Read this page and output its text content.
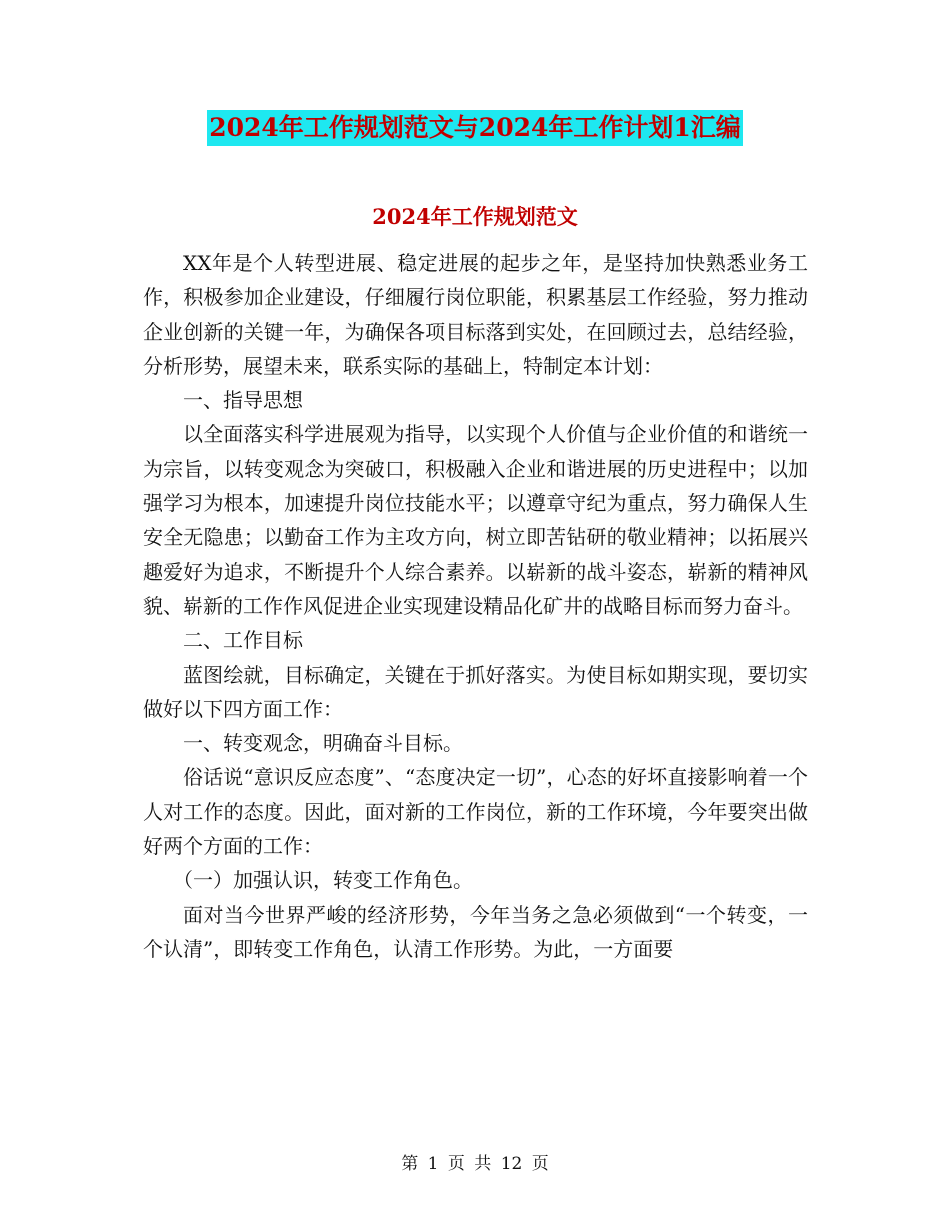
2024年工作规划范文与2024年工作计划1汇编
2024年工作规划范文

XX年是个人转型进展、稳定进展的起步之年，是坚持加快熟悉业务工作，积极参加企业建设，仔细履行岗位职能，积累基层工作经验，努力推动企业创新的关键一年，为确保各项目标落到实处，在回顾过去，总结经验，分析形势，展望未来，联系实际的基础上，特制定本计划：

一、指导思想

以全面落实科学进展观为指导，以实现个人价值与企业价值的和谐统一为宗旨，以转变观念为突破口，积极融入企业和谐进展的历史进程中；以加强学习为根本，加速提升岗位技能水平；以遵章守纪为重点，努力确保人生安全无隐患；以勤奋工作为主攻方向，树立即苦钻研的敬业精神；以拓展兴趣爱好为追求，不断提升个人综合素养。以崭新的战斗姿态，崭新的精神风貌、崭新的工作作风促进企业实现建设精品化矿井的战略目标而努力奋斗。

二、工作目标

蓝图绘就，目标确定，关键在于抓好落实。为使目标如期实现，要切实做好以下四方面工作：

一、转变观念，明确奋斗目标。

俗话说“意识反应态度”、“态度决定一切”，心态的好坏直接影响着一个人对工作的态度。因此，面对新的工作岗位，新的工作环境，今年要突出做好两个方面的工作：

（一）加强认识，转变工作角色。

面对当今世界严峻的经济形势，今年当务之急必须做到“一个转变，一个认清”，即转变工作角色，认清工作形势。为此，一方面要

第 1 页 共 12 页
